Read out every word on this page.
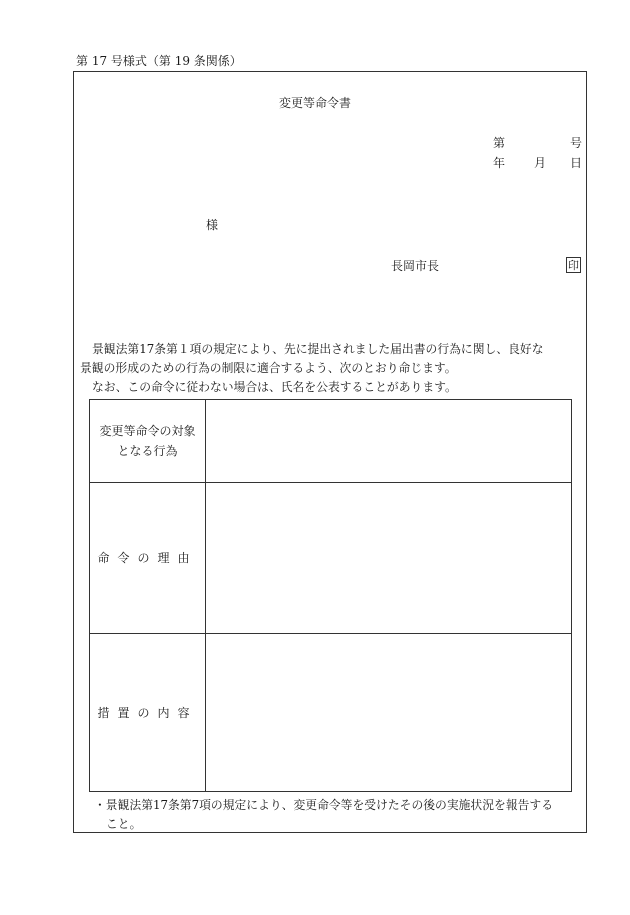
第 17 号様式（第 19 条関係）
変更等命令書
第	号
年 月 日
様
長岡市長	印

景観法第17条第１項の規定により、先に提出されました届出書の行為に関し、良好な

景観の形成のための行為の制限に適合するよう、次のとおり命じます。

なお、この命令に従わない場合は、氏名を公表することがあります。

変更等命令の対象
となる行為
命令の理由
措置の内容

・景観法第17条第7項の規定により、変更命令等を受けたその後の実施状況を報告する

こと。
